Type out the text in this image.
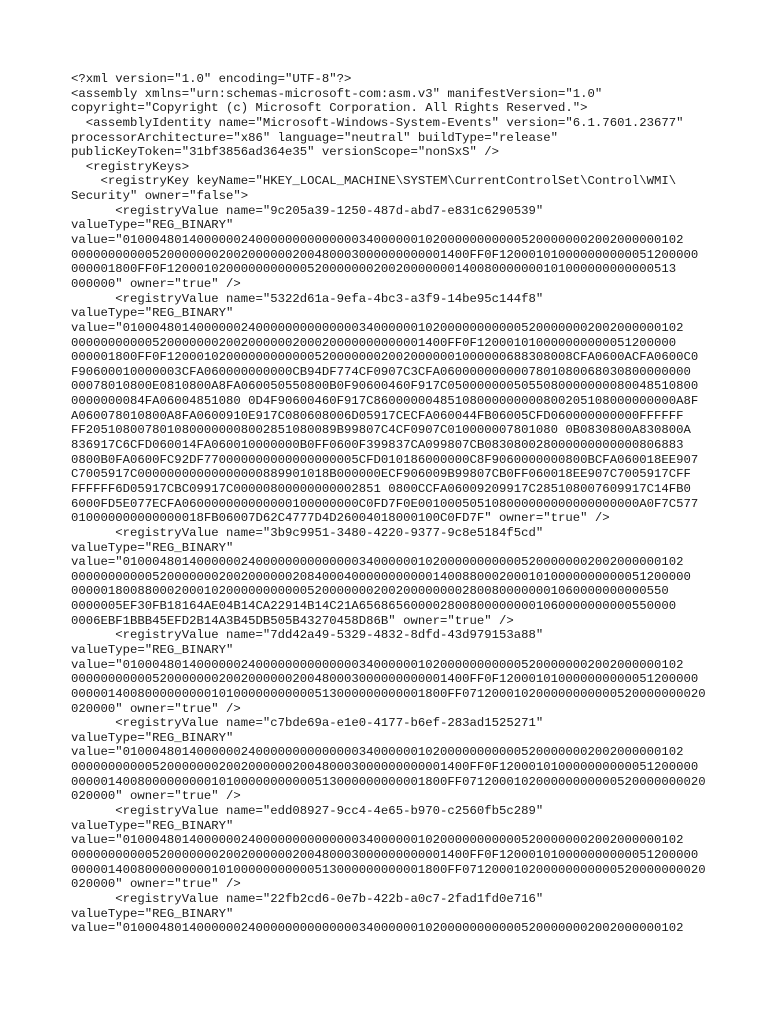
<?xml version="1.0" encoding="UTF-8"?>
<assembly xmlns="urn:schemas-microsoft-com:asm.v3" manifestVersion="1.0"
copyright="Copyright (c) Microsoft Corporation. All Rights Reserved.">
<assemblyIdentity name="Microsoft-Windows-System-Events" version="6.1.7601.23677"
processorArchitecture="x86" language="neutral" buildType="release"
publicKeyToken="31bf3856ad364e35" versionScope="nonSxS" />
<registryKeys>
<registryKey keyName="HKEY_LOCAL_MACHINE\SYSTEM\CurrentControlSet\Control\WMI\
Security" owner="false">
<registryValue name="9c205a39-1250-487d-abd7-e831c6290539"
valueType="REG_BINARY"
value="0100048014000000240000000000000034000000102000000000005200000002002000000102
000000000005200000002002000000200480003000000000001400FF0F120001010000000000051200000
000001800FF0F120001020000000000052000000020020000000140080000000101000000000000513
000000" owner="true" />
<registryValue name="5322d61a-9efa-4bc3-a3f9-14be95c144f8"
valueType="REG_BINARY"
value="0100048014000000240000000000000034000000102000000000005200000002002000000102
000000000005200000002002000000200020000000000001400FF0F120001010000000000051200000
000001800FF0F1200010200000000000052000000020020000001000000688308008CFA0600ACFA0600C0
F90600010000003CFA060000000000CB94DF774CF0907C3CFA0600000000007801080068030800000000
00078010800E0810800A8FA060050550800B0F90600460F917C0500000005055080000000080048510800
0000000084FA06004851080 0D4F90600460F917C86000000485108000000000800205108000000000A8F
A060078010800A8FA0600910E917C080608006D05917CECFA060044FB06005CFD060000000000FFFFFF
FF2051080078010800000008002851080089B99807C4CF0907C010000007801080 0B0830800A830800A
836917C6CFD060014FA060010000000B0FF0600F399837CA099807CB083080028000000000000806883
0800B0FA0600FC92DF770000000000000000005CFD010186000000C8F9060000000800BCFA060018EE907
C7005917C00000000000000000889901018B000000ECF906009B99807CB0FF060018EE907C7005917CFF
FFFFFF6D05917CBC09917C00000800000000002851 0800CCFA06009209917C285108007609917C14FB0
6000FD5E077ECFA060000000000000100000000C0FD7F0E001000505108000000000000000000A0F7C577
010000000000000018FB06007D62C4777D4D26004018000100C0FD7F" owner="true" />
<registryValue name="3b9c9951-3480-4220-9377-9c8e5184f5cd"
valueType="REG_BINARY"
value="0100048014000000240000000000000034000000102000000000005200000002002000000102
000000000005200000002002000000208400040000000000014008800020001010000000000051200000
000001800880002000102000000000005200000002002000000002800800000001060000000000550
0000005EF30FB18164AE04B14CA22914B14C21A6568656000028008000000001060000000000550000
0006EBF1BBB45EFD2B14A3B45DB505B43270458D86B" owner="true" />
<registryValue name="7dd42a49-5329-4832-8dfd-43d979153a88"
valueType="REG_BINARY"
value="0100048014000000240000000000000034000000102000000000005200000002002000000102
000000000005200000002002000000200480003000000000001400FF0F120001010000000000051200000
000001400800000000010100000000000513000000000001800FF071200010200000000000520000000020
020000" owner="true" />
<registryValue name="c7bde69a-e1e0-4177-b6ef-283ad1525271"
valueType="REG_BINARY"
value="0100048014000000240000000000000034000000102000000000005200000002002000000102
000000000005200000002002000000200480003000000000001400FF0F120001010000000000051200000
000001400800000000010100000000000513000000000001800FF071200010200000000000520000000020
020000" owner="true" />
<registryValue name="edd08927-9cc4-4e65-b970-c2560fb5c289"
valueType="REG_BINARY"
value="0100048014000000240000000000000034000000102000000000005200000002002000000102
000000000005200000002002000000200480003000000000001400FF0F120001010000000000051200000
000001400800000000010100000000000513000000000001800FF071200010200000000000520000000020
020000" owner="true" />
<registryValue name="22fb2cd6-0e7b-422b-a0c7-2fad1fd0e716"
valueType="REG_BINARY"
value="0100048014000000240000000000000034000000102000000000005200000002002000000102
